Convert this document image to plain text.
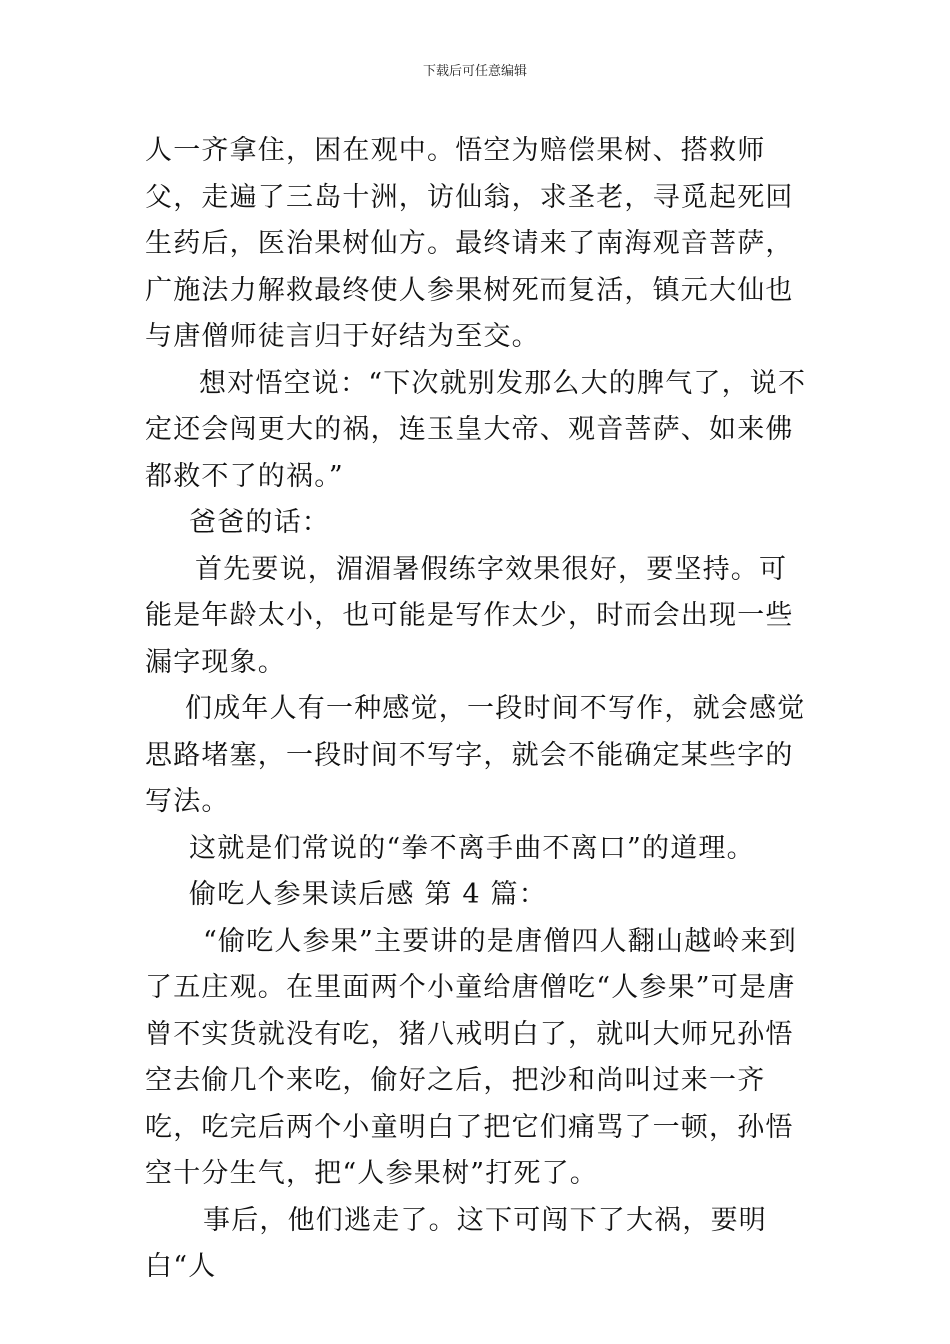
下载后可任意编辑

人一齐拿住，困在观中。悟空为赔偿果树、搭救师父，走遍了三岛十洲，访仙翁，求圣老，寻觅起死回生药后，医治果树仙方。最终请来了南海观音菩萨，广施法力解救最终使人参果树死而复活，镇元大仙也与唐僧师徒言归于好结为至交。

想对悟空说：“下次就别发那么大的脾气了，说不定还会闯更大的祸，连玉皇大帝、观音菩萨、如来佛都救不了的祸。”

爸爸的话：

首先要说，湄湄暑假练字效果很好，要坚持。可能是年龄太小，也可能是写作太少，时而会出现一些漏字现象。

们成年人有一种感觉，一段时间不写作，就会感觉思路堵塞，一段时间不写字，就会不能确定某些字的写法。

这就是们常说的“拳不离手曲不离口”的道理。

偷吃人参果读后感 第 4 篇：

“偷吃人参果”主要讲的是唐僧四人翻山越岭来到了五庄观。在里面两个小童给唐僧吃“人参果”可是唐曾不实货就没有吃，猪八戒明白了，就叫大师兄孙悟空去偷几个来吃，偷好之后，把沙和尚叫过来一齐吃，吃完后两个小童明白了把它们痛骂了一顿，孙悟空十分生气，把“人参果树”打死了。

事后，他们逃走了。这下可闯下了大祸，要明白“人
